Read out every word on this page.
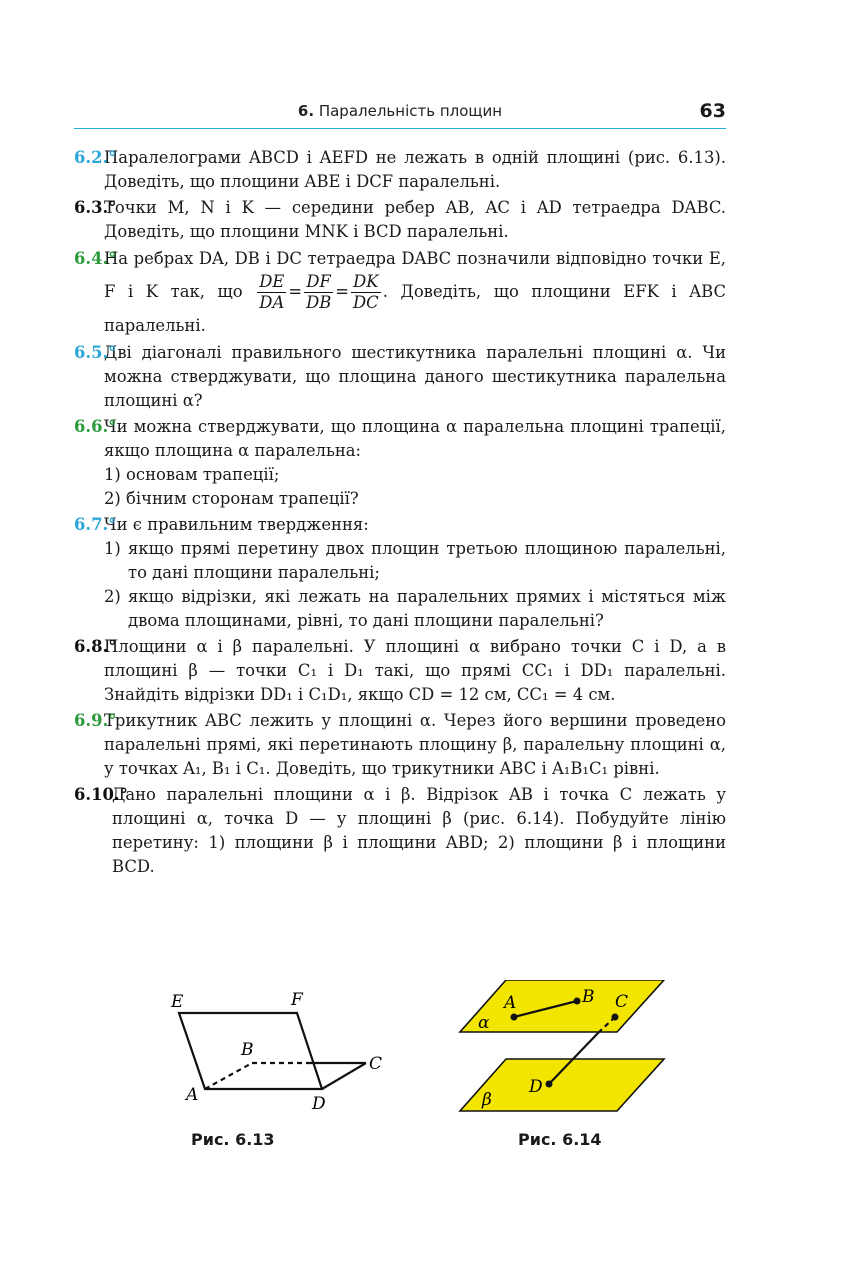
6. Паралельність площин	63
6.2.°
Паралелограми ABCD і AEFD не лежать в одній площині (рис. 6.13). Доведіть, що площини ABE і DCF паралельні.
6.3.°
Точки M, N і K — середини ребер AB, AC і AD тетраедра DABC. Доведіть, що площини MNK і BCD паралельні.
6.4.°
На ребрах DA, DB і DC тетраедра DABC позначили відповідно точки E, F і K так, що $\frac{DE}{DA} = \frac{DF}{DB} = \frac{DK}{DC}$ . Доведіть, що площини EFK і ABC паралельні.
6.5.°
Дві діагоналі правильного шестикутника паралельні площині α. Чи можна стверджувати, що площина даного шестикутника паралельна площині α?
6.6.°
Чи можна стверджувати, що площина α паралельна площині трапеції, якщо площина α паралельна:
1) основам трапеції;
2) бічним сторонам трапеції?
6.7.°
Чи є правильним твердження:
1) якщо прямі перетину двох площин третьою площиною паралельні, то дані площини паралельні;
2) якщо відрізки, які лежать на паралельних прямих і містяться між двома площинами, рівні, то дані площини паралельні?
6.8.°
Площини α і β паралельні. У площині α вибрано точки C і D, а в площині β — точки C₁ і D₁ такі, що прямі CC₁ і DD₁ паралельні. Знайдіть відрізки DD₁ і C₁D₁, якщо CD = 12 см, CC₁ = 4 см.
6.9.°
Трикутник ABC лежить у площині α. Через його вершини проведено паралельні прямі, які перетинають площину β, паралельну площині α, у точках A₁, B₁ і C₁. Доведіть, що трикутники ABC і A₁B₁C₁ рівні.
6.10.°
Дано паралельні площини α і β. Відрізок AB і точка C лежать у площині α, точка D — у площині β (рис. 6.14). Побудуйте лінію перетину: 1) площини β і площини ABD; 2) площини β і площини BCD.
E	F
B
C
A	D
Рис. 6.13
A	B C
α
D
β
Рис. 6.14
